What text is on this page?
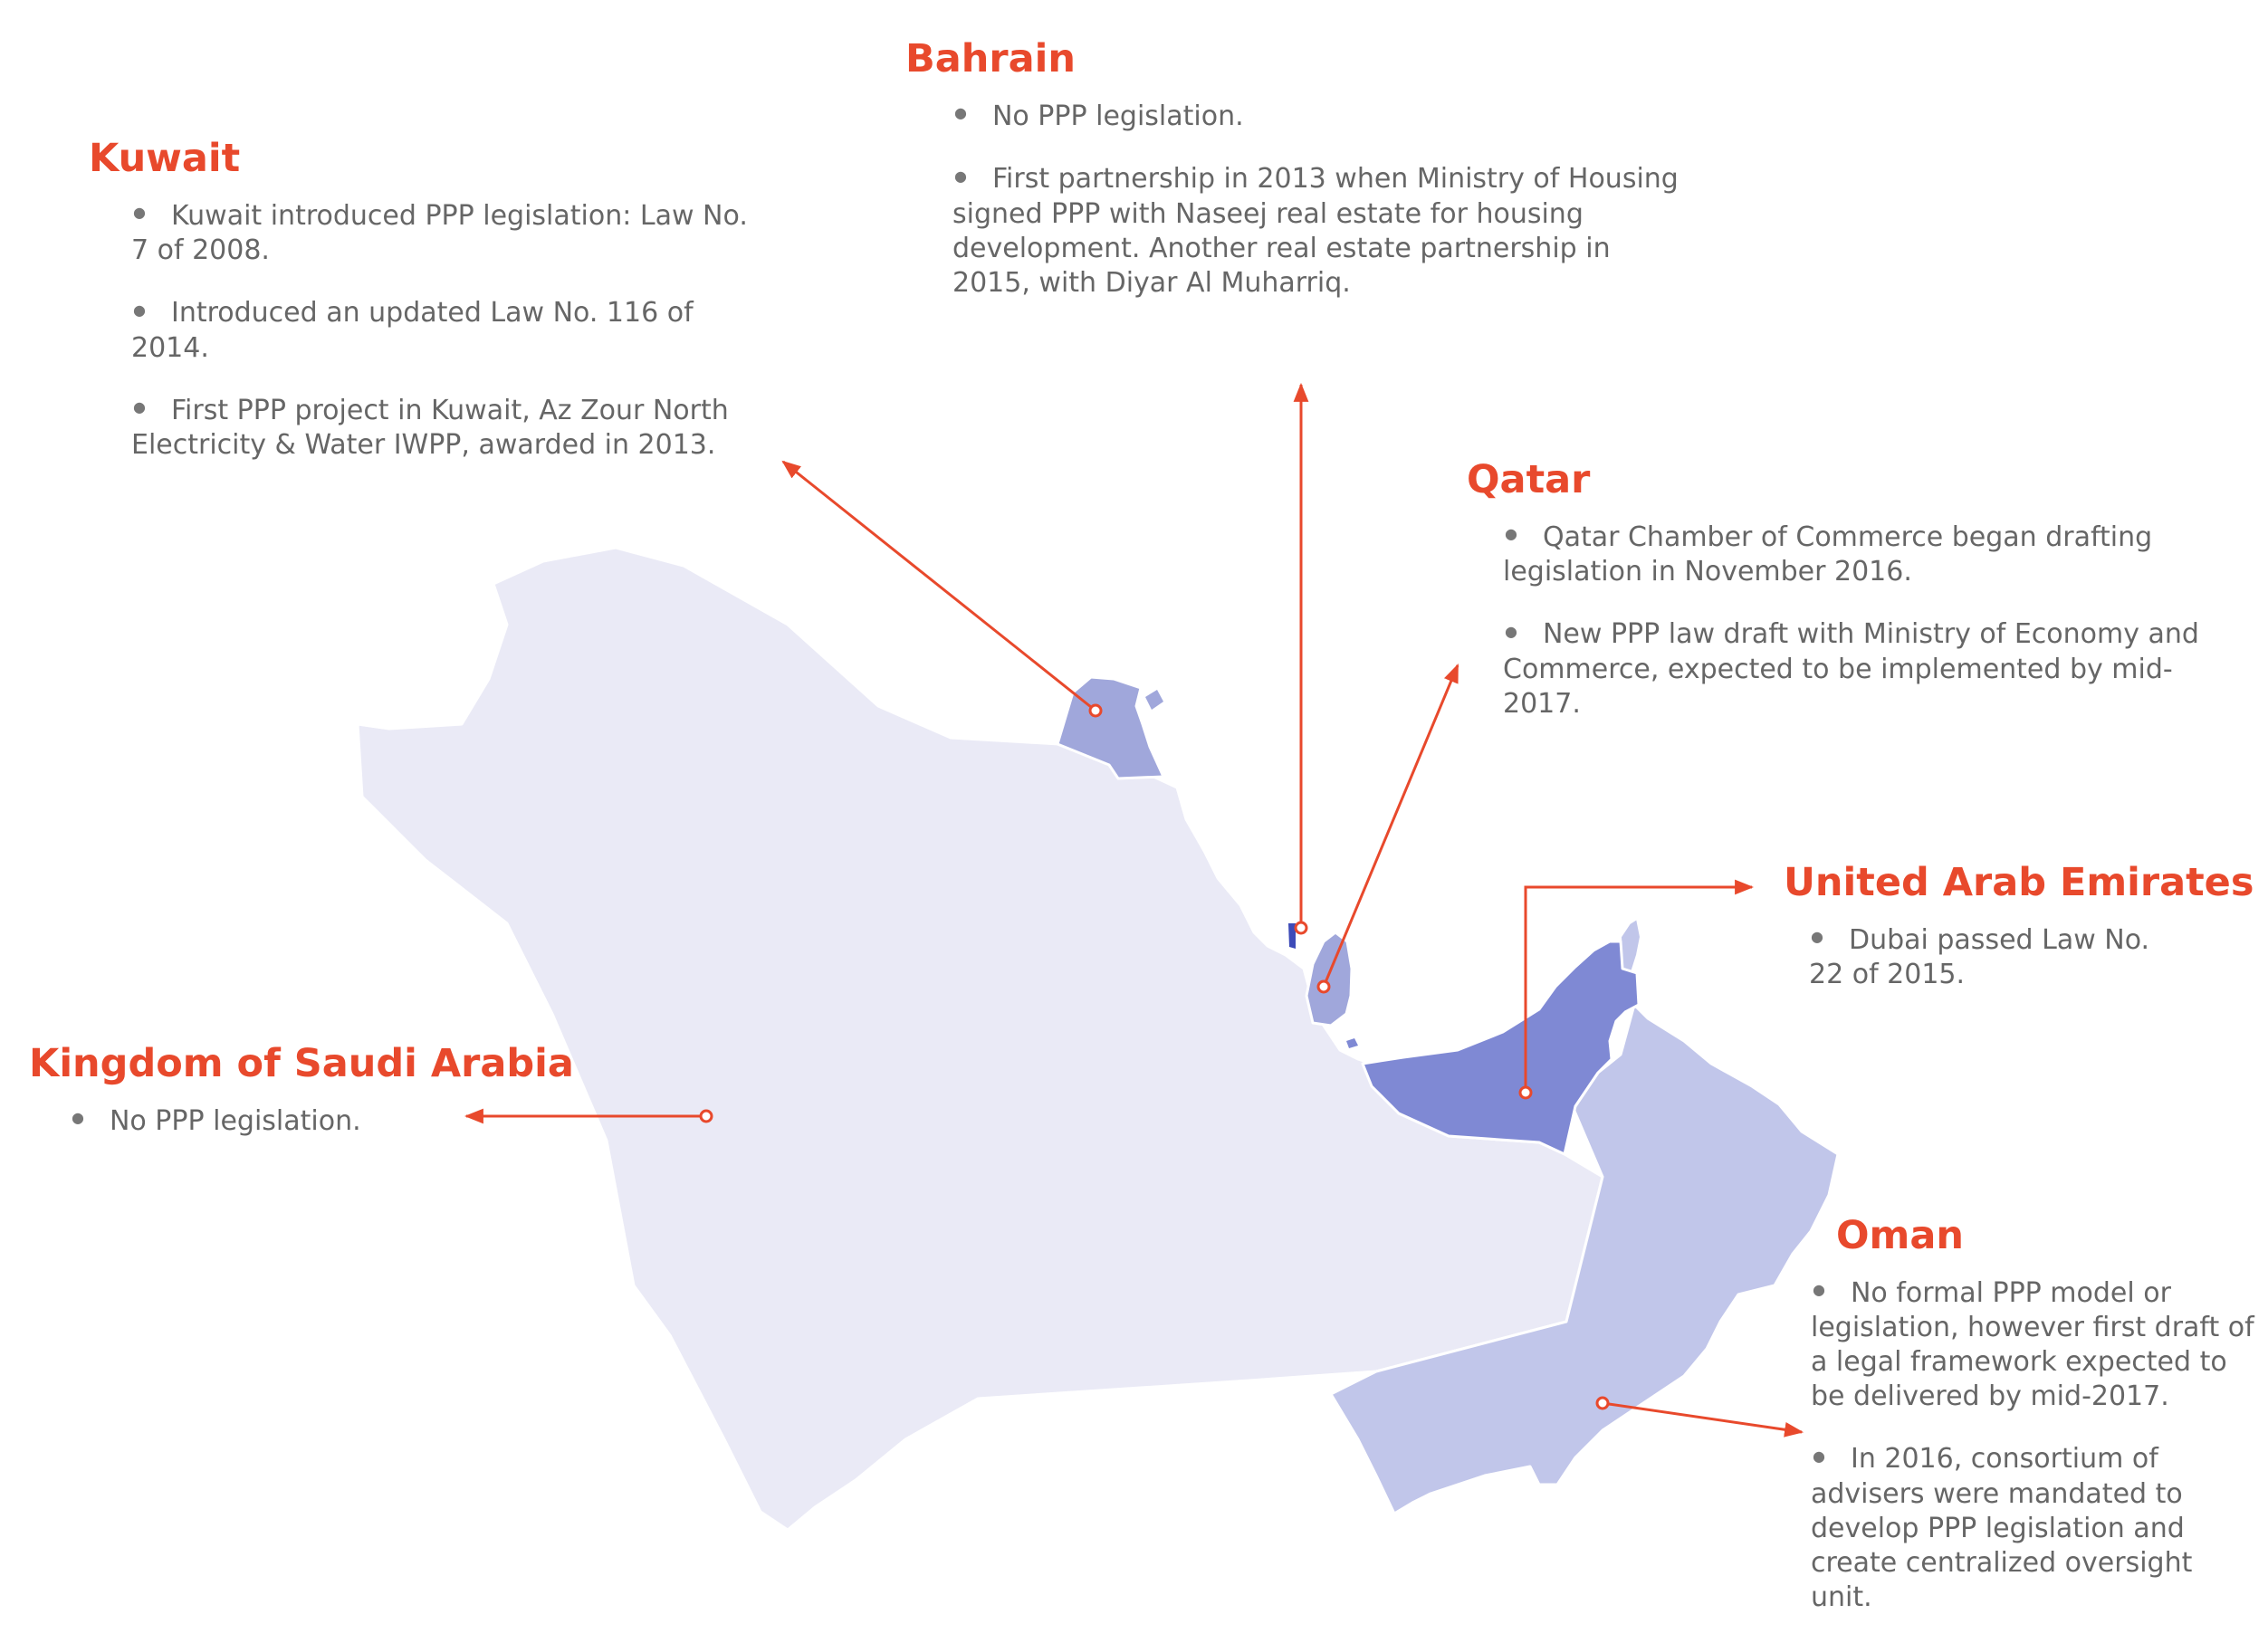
Kuwait
● Kuwait introduced PPP legislation: Law No. 7 of 2008.
● Introduced an updated Law No. 116 of 2014.
● First PPP project in Kuwait, Az Zour North Electricity & Water IWPP, awarded in 2013.
Bahrain
● No PPP legislation.
● First partnership in 2013 when Ministry of Housing signed PPP with Naseej real estate for housing development. Another real estate partnership in 2015, with Diyar Al Muharriq.
Qatar
● Qatar Chamber of Commerce began drafting legislation in November 2016.
● New PPP law draft with Ministry of Economy and Commerce, expected to be implemented by mid-2017.
United Arab Emirates
● Dubai passed Law No. 22 of 2015.
Kingdom of Saudi Arabia
● No PPP legislation.
Oman
● No formal PPP model or legislation, however first draft of a legal framework expected to be delivered by mid-2017.
● In 2016, consortium of advisers were mandated to develop PPP legislation and create centralized oversight unit.
